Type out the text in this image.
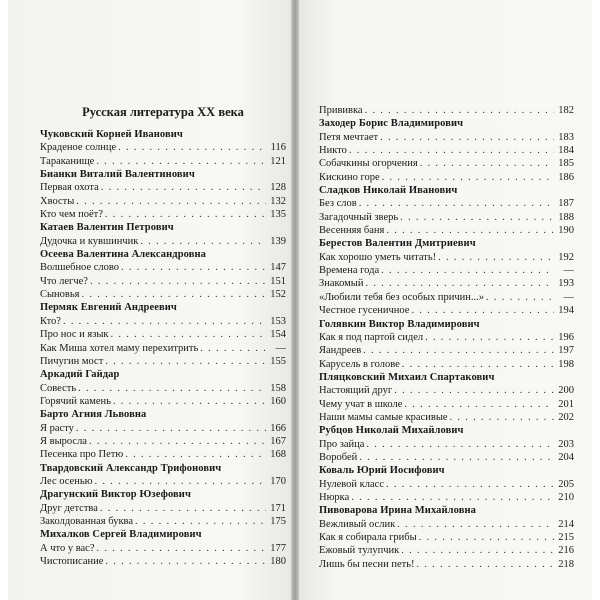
Русская литература XX века
Чуковский Корней Иванович
Краденое солнце . . .	116
Тараканище . . .	121
Бианки Виталий Валентинович
Первая охота . . .	128
Хвосты . . .	132
Кто чем поёт? . . .	135
Катаев Валентин Петрович
Дудочка и кувшинчик . . .	139
Осеева Валентина Александровна
Волшебное слово . . .	147
Что легче? . . .	151
Сыновья . . .	152
Пермяк Евгений Андреевич
Кто? . . .	153
Про нос и язык . . .	154
Как Миша хотел маму перехитрить . . .	—
Пичугин мост . . .	155
Аркадий Гайдар
Совесть . . .	158
Горячий камень . . .	160
Барто Агния Львовна
Я расту . . .	166
Я выросла . . .	167
Песенка про Петю . . .	168
Твардовский Александр Трифонович
Лес осенью . . .	170
Драгунский Виктор Юзефович
Друг детства . . .	171
Заколдованная буква . . .	175
Михалков Сергей Владимирович
А что у вас? . . .	177
Чистописание . . .	180
Прививка . . .	182
Заходер Борис Владимирович
Петя мечтает . . .	183
Никто . . .	184
Собачкины огорчения . . .	185
Кискино горе . . .	186
Сладков Николай Иванович
Без слов . . .	187
Загадочный зверь . . .	188
Весенняя баня . . .	190
Берестов Валентин Дмитриевич
Как хорошо уметь читать! . . .	192
Времена года . . .	—
Знакомый . . .	193
«Любили тебя без особых причин...» . . .	—
Честное гусеничное . . .	194
Голявкин Виктор Владимирович
Как я под партой сидел . . .	196
Яандреев . . .	197
Карусель в голове . . .	198
Пляцковский Михаил Спартакович
Настоящий друг . . .	200
Чему учат в школе . . .	201
Наши мамы самые красивые . . .	202
Рубцов Николай Михайлович
Про зайца . . .	203
Воробей . . .	204
Коваль Юрий Иосифович
Нулевой класс . . .	205
Нюрка . . .	210
Пивоварова Ирина Михайловна
Вежливый ослик . . .	214
Как я собирала грибы . . .	215
Ежовый тулупчик . . .	216
Лишь бы песни петь! . . .	218
